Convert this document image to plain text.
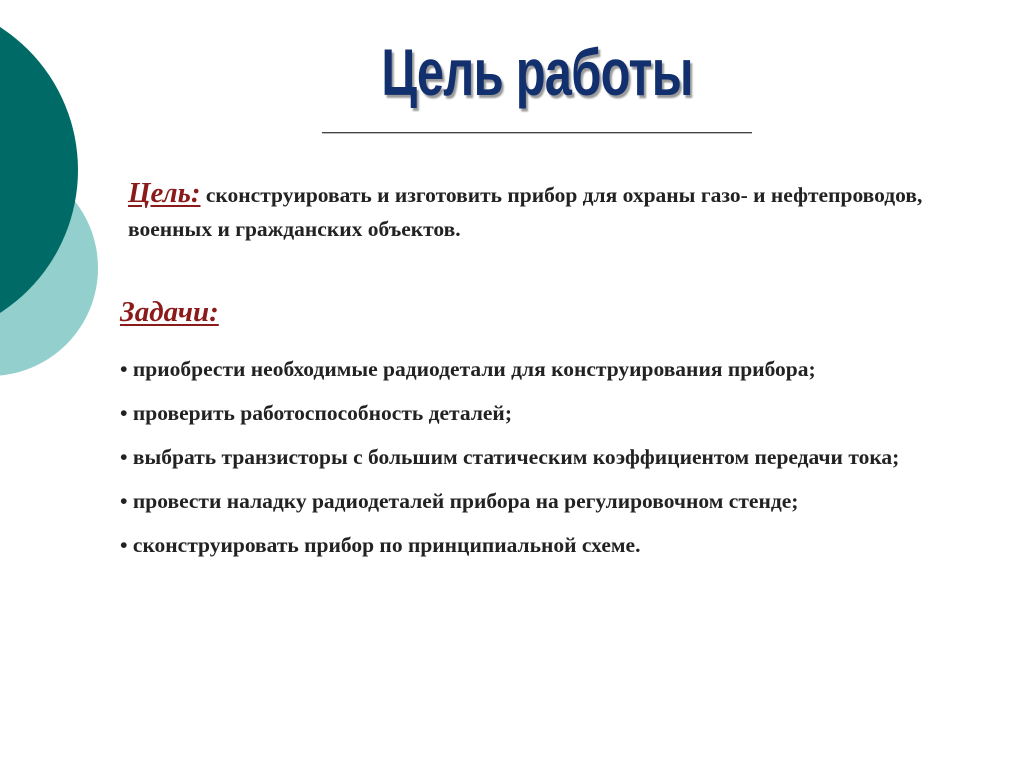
Цель работы
Цель: сконструировать и изготовить прибор для охраны газо- и нефтепроводов, военных и гражданских объектов.
Задачи:
• приобрести необходимые радиодетали для конструирования прибора;
• проверить работоспособность деталей;
• выбрать транзисторы с большим статическим коэффициентом передачи тока;
• провести наладку радиодеталей прибора на регулировочном стенде;
• сконструировать прибор по принципиальной схеме.
